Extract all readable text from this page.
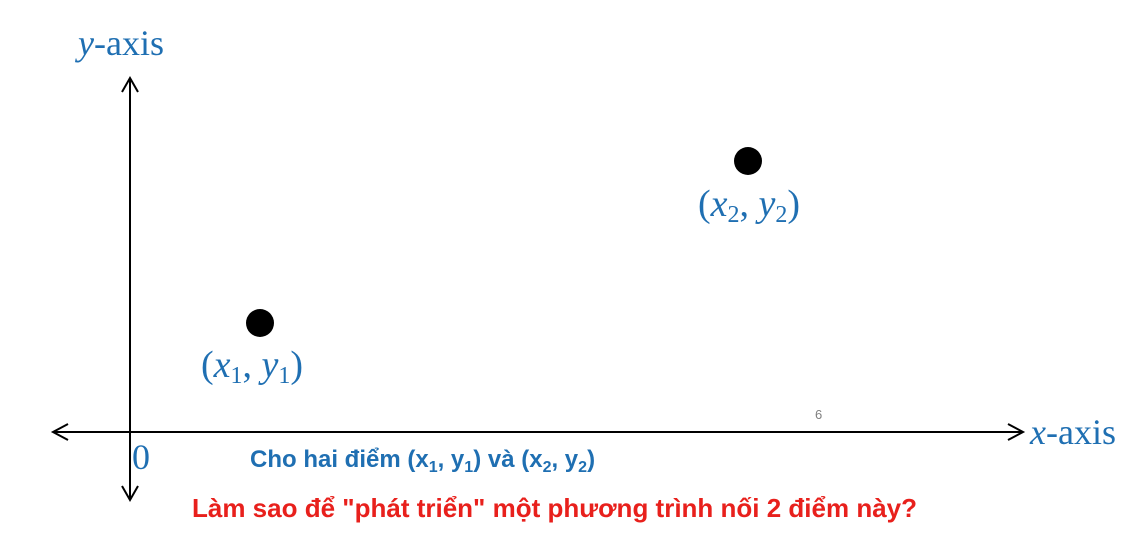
y-axis
x-axis
0
($x_1$, $y_1$)
($x_2$, $y_2$)
6
Cho hai điểm ($x_1$, $y_1$) và ($x_2$, $y_2$)
Làm sao để "phát triển" một phương trình nối 2 điểm này?
